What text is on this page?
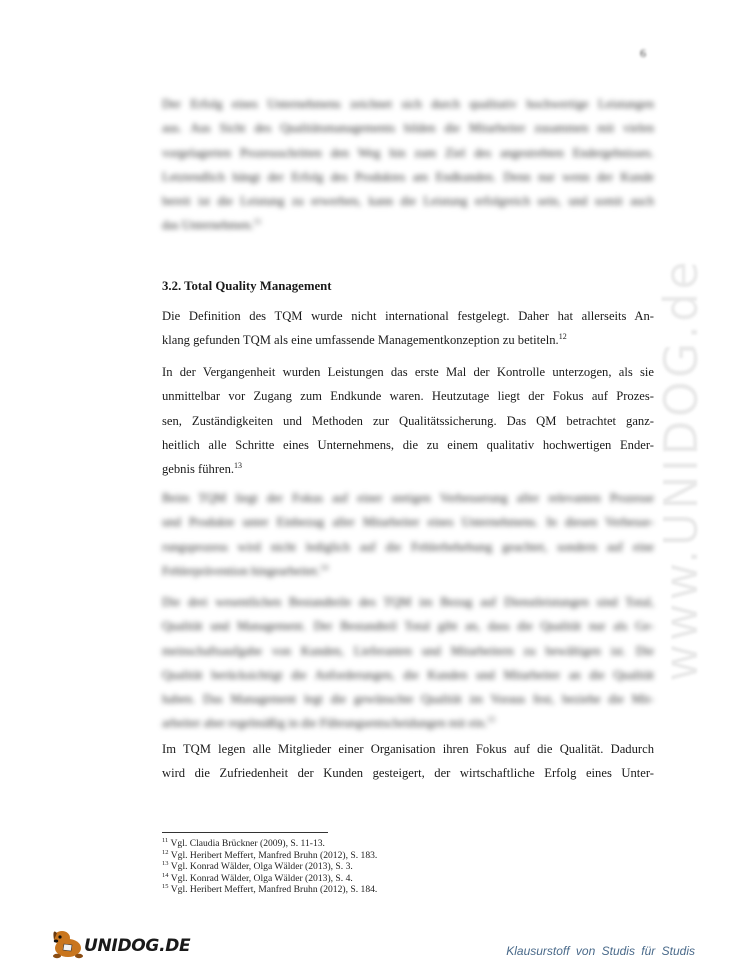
6
Der Erfolg eines Unternehmens zeichnet sich durch qualitativ hochwertige Leistungen
aus. Aus Sicht des Qualitätsmanagements bilden die Mitarbeiter zusammen mit vielen
vorgelagerten Prozessschritten den Weg hin zum Ziel des angestrebten Endergebnisses.
Letztendlich hängt der Erfolg des Produktes am Endkunden. Denn nur wenn der Kunde
bereit ist die Leistung zu erwerben, kann die Leistung erfolgreich sein, und somit auch
das Unternehmen.$^{11}$
3.2. Total Quality Management
Die Definition des TQM wurde nicht international festgelegt. Daher hat allerseits An-
klang gefunden TQM als eine umfassende Managementkonzeption zu betiteln.$^{12}$
In der Vergangenheit wurden Leistungen das erste Mal der Kontrolle unterzogen, als sie
unmittelbar vor Zugang zum Endkunde waren. Heutzutage liegt der Fokus auf Prozes-
sen, Zuständigkeiten und Methoden zur Qualitätssicherung. Das QM betrachtet ganz-
heitlich alle Schritte eines Unternehmens, die zu einem qualitativ hochwertigen Ender-
gebnis führen.$^{13}$
Beim TQM liegt der Fokus auf einer stetigen Verbesserung aller relevanten Prozesse
und Produkte unter Einbezug aller Mitarbeiter eines Unternehmens. In diesen Verbesse-
rungsprozess wird nicht lediglich auf die Fehlerbehebung geachtet, sondern auf eine
Fehlerprävention hingearbeitet.$^{14}$
Die drei wesentlichen Bestandteile des TQM im Bezug auf Dienstleistungen sind Total,
Qualität und Management. Der Bestandteil Total gibt an, dass die Qualität nur als Ge-
meinschaftsaufgabe von Kunden, Lieferanten und Mitarbeitern zu bewältigen ist. Die
Qualität berücksichtigt die Anforderungen, die Kunden und Mitarbeiter an die Qualität
haben. Das Management legt die gewünschte Qualität im Voraus fest, beziehe die Mit-
arbeiter aber regelmäßig in die Führungsentscheidungen mit ein.$^{15}$
Im TQM legen alle Mitglieder einer Organisation ihren Fokus auf die Qualität. Dadurch
wird die Zufriedenheit der Kunden gesteigert, der wirtschaftliche Erfolg eines Unter-
$^{11}$ Vgl. Claudia Brückner (2009), S. 11-13.
$^{12}$ Vgl. Heribert Meffert, Manfred Bruhn (2012), S. 183.
$^{13}$ Vgl. Konrad Wälder, Olga Wälder (2013), S. 3.
$^{14}$ Vgl. Konrad Wälder, Olga Wälder (2013), S. 4.
$^{15}$ Vgl. Heribert Meffert, Manfred Bruhn (2012), S. 184.
www.UNIDOG.de
UNIDOG.DE	Klausurstoff von Studis für Studis
